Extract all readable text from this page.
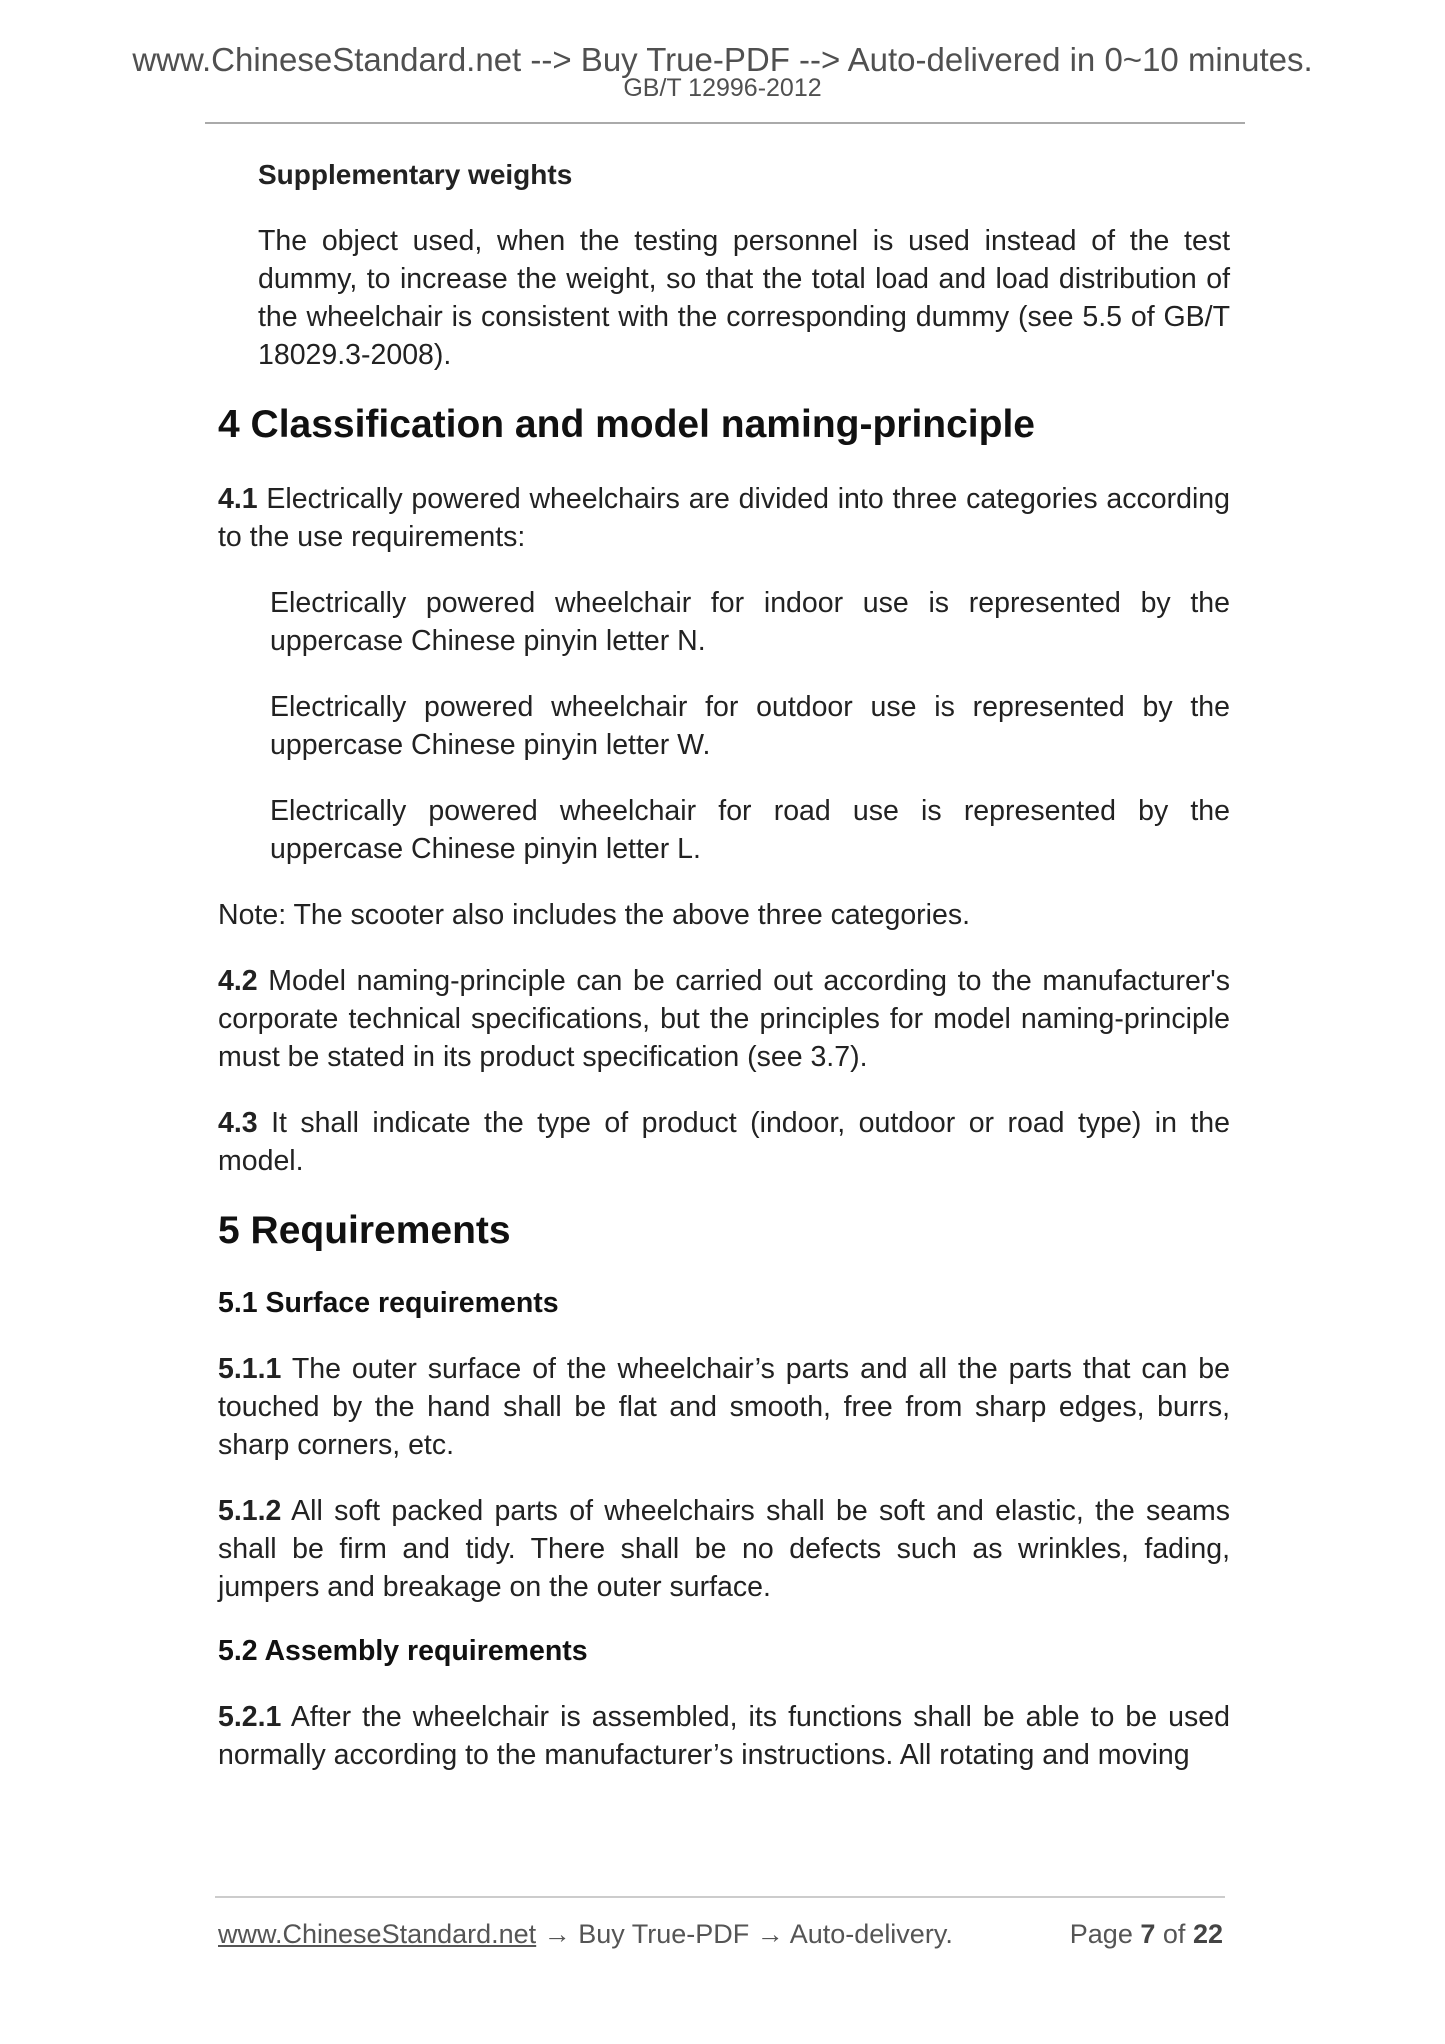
www.ChineseStandard.net --> Buy True-PDF --> Auto-delivered in 0~10 minutes.
GB/T 12996-2012
Supplementary weights

The object used, when the testing personnel is used instead of the test dummy, to increase the weight, so that the total load and load distribution of the wheelchair is consistent with the corresponding dummy (see 5.5 of GB/T 18029.3-2008).

4 Classification and model naming-principle

4.1 Electrically powered wheelchairs are divided into three categories according to the use requirements:

Electrically powered wheelchair for indoor use is represented by the uppercase Chinese pinyin letter N.

Electrically powered wheelchair for outdoor use is represented by the uppercase Chinese pinyin letter W.

Electrically powered wheelchair for road use is represented by the uppercase Chinese pinyin letter L.

Note: The scooter also includes the above three categories.

4.2 Model naming-principle can be carried out according to the manufacturer's corporate technical specifications, but the principles for model naming-principle must be stated in its product specification (see 3.7).

4.3 It shall indicate the type of product (indoor, outdoor or road type) in the model.

5 Requirements
5.1 Surface requirements

5.1.1 The outer surface of the wheelchair’s parts and all the parts that can be touched by the hand shall be flat and smooth, free from sharp edges, burrs, sharp corners, etc.

5.1.2 All soft packed parts of wheelchairs shall be soft and elastic, the seams shall be firm and tidy. There shall be no defects such as wrinkles, fading, jumpers and breakage on the outer surface.

5.2 Assembly requirements

5.2.1 After the wheelchair is assembled, its functions shall be able to be used normally according to the manufacturer’s instructions. All rotating and moving

www.ChineseStandard.net → Buy True-PDF → Auto-delivery.	Page 7 of 22
